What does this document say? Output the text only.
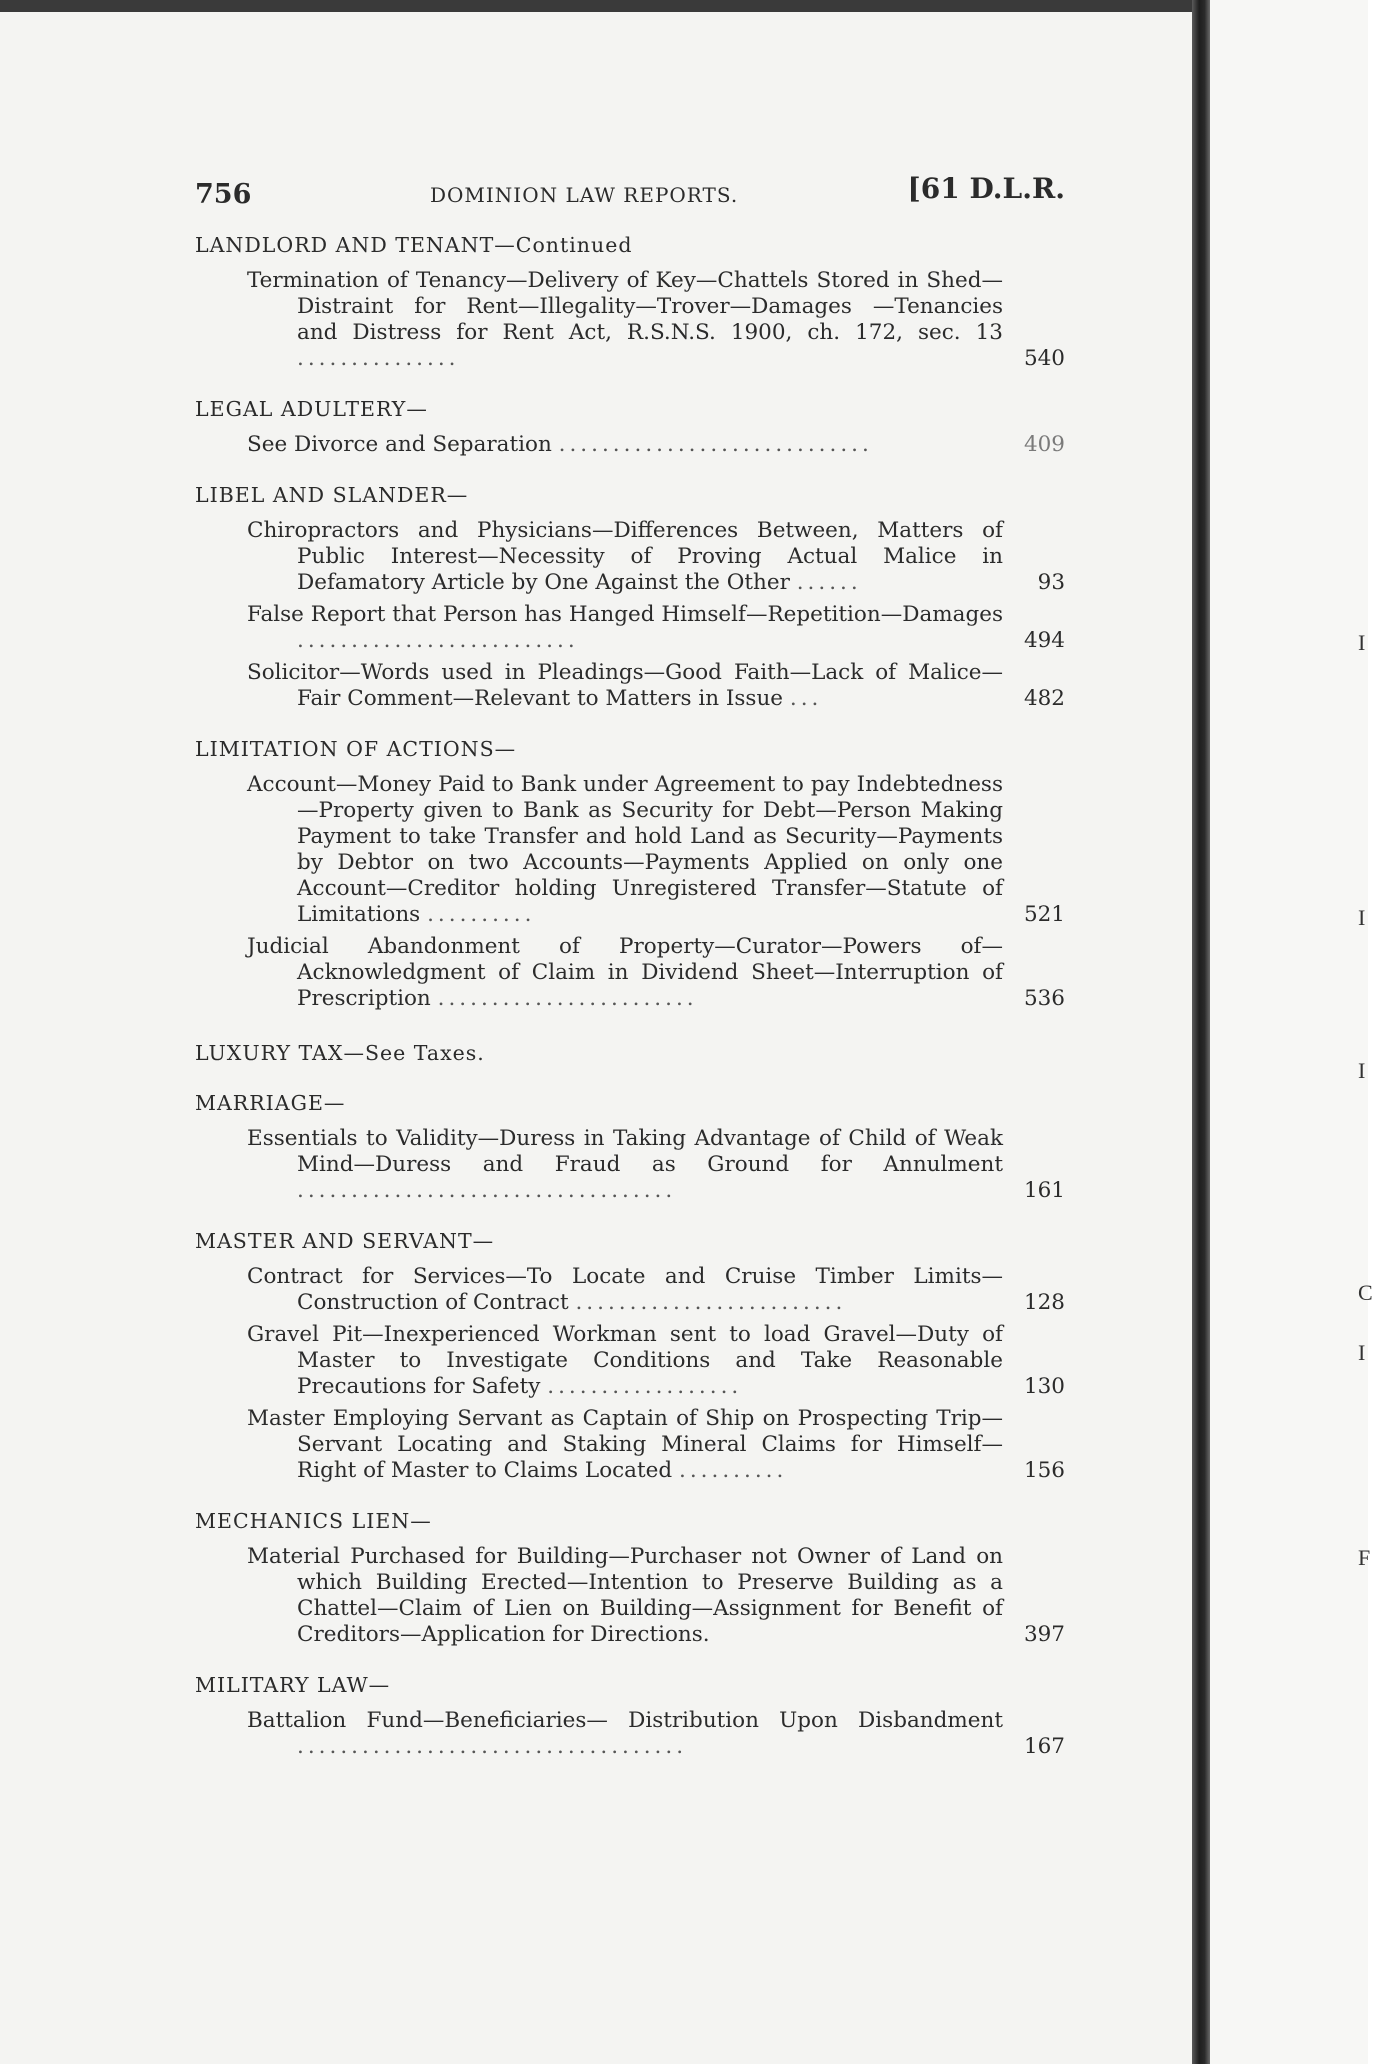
I
I
I
C
I
F
756	DOMINION LAW REPORTS.	[61 D.L.R.
LANDLORD AND TENANT—Continued
Termination of Tenancy—Delivery of Key—Chattels Stored in Shed—Distraint for Rent—Illegality—Trover—Damages —Tenancies and Distress for Rent Act, R.S.N.S. 1900, ch. 172, sec. 13 ...............	540
LEGAL ADULTERY—
See Divorce and Separation .............................	409
LIBEL AND SLANDER—
Chiropractors and Physicians—Differences Between, Matters of Public Interest—Necessity of Proving Actual Malice in Defamatory Article by One Against the Other ......	93
False Report that Person has Hanged Himself—Repetition—Damages ..........................	494
Solicitor—Words used in Pleadings—Good Faith—Lack of Malice—Fair Comment—Relevant to Matters in Issue ...	482
LIMITATION OF ACTIONS—
Account—Money Paid to Bank under Agreement to pay Indebtedness—Property given to Bank as Security for Debt—Person Making Payment to take Transfer and hold Land as Security—Payments by Debtor on two Accounts—Payments Applied on only one Account—Creditor holding Unregistered Transfer—Statute of Limitations ..........	521
Judicial Abandonment of Property—Curator—Powers of—Acknowledgment of Claim in Dividend Sheet—Interruption of Prescription ........................	536
LUXURY TAX—See Taxes.
MARRIAGE—
Essentials to Validity—Duress in Taking Advantage of Child of Weak Mind—Duress and Fraud as Ground for Annulment ...................................	161
MASTER AND SERVANT—
Contract for Services—To Locate and Cruise Timber Limits—Construction of Contract .........................	128
Gravel Pit—Inexperienced Workman sent to load Gravel—Duty of Master to Investigate Conditions and Take Reasonable Precautions for Safety ..................	130
Master Employing Servant as Captain of Ship on Prospecting Trip—Servant Locating and Staking Mineral Claims for Himself—Right of Master to Claims Located ..........	156
MECHANICS LIEN—
Material Purchased for Building—Purchaser not Owner of Land on which Building Erected—Intention to Preserve Building as a Chattel—Claim of Lien on Building—Assignment for Benefit of Creditors—Application for Directions.	397
MILITARY LAW—
Battalion Fund—Beneficiaries— Distribution Upon Disbandment ....................................	167
